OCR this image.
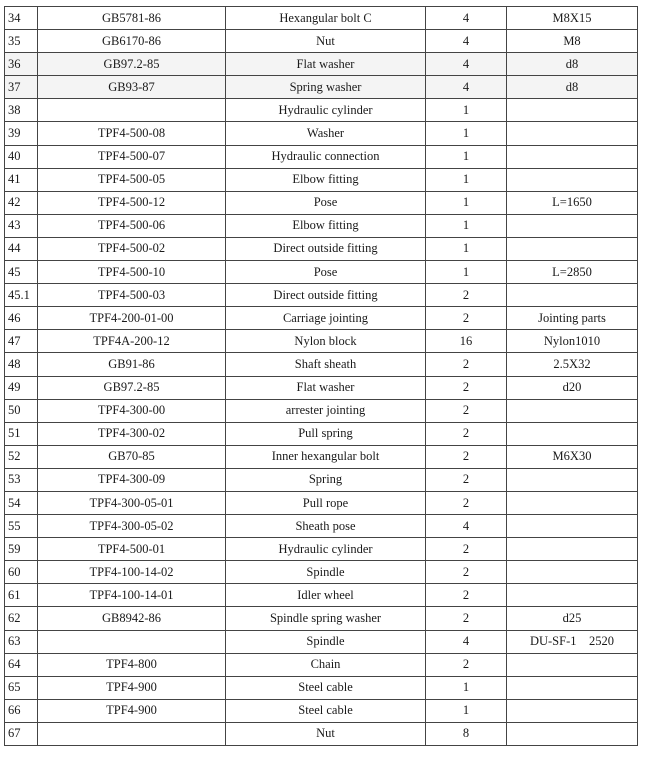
34	GB5781-86	Hexangular bolt C	4	M8X15
35	GB6170-86	Nut	4	M8
36	GB97.2-85	Flat washer	4	d8
37	GB93-87	Spring washer	4	d8
38		Hydraulic cylinder	1	
39	TPF4-500-08	Washer	1	
40	TPF4-500-07	Hydraulic connection	1	
41	TPF4-500-05	Elbow fitting	1	
42	TPF4-500-12	Pose	1	L=1650
43	TPF4-500-06	Elbow fitting	1	
44	TPF4-500-02	Direct outside fitting	1	
45	TPF4-500-10	Pose	1	L=2850
45.1	TPF4-500-03	Direct outside fitting	2	
46	TPF4-200-01-00	Carriage jointing	2	Jointing parts
47	TPF4A-200-12	Nylon block	16	Nylon1010
48	GB91-86	Shaft sheath	2	2.5X32
49	GB97.2-85	Flat washer	2	d20
50	TPF4-300-00	arrester jointing	2	
51	TPF4-300-02	Pull spring	2	
52	GB70-85	Inner hexangular bolt	2	M6X30
53	TPF4-300-09	Spring	2	
54	TPF4-300-05-01	Pull rope	2	
55	TPF4-300-05-02	Sheath pose	4	
59	TPF4-500-01	Hydraulic cylinder	2	
60	TPF4-100-14-02	Spindle	2	
61	TPF4-100-14-01	Idler wheel	2	
62	GB8942-86	Spindle spring washer	2	d25
63		Spindle	4	DU-SF-1    2520
64	TPF4-800	Chain	2	
65	TPF4-900	Steel cable	1	
66	TPF4-900	Steel cable	1	
67		Nut	8	
